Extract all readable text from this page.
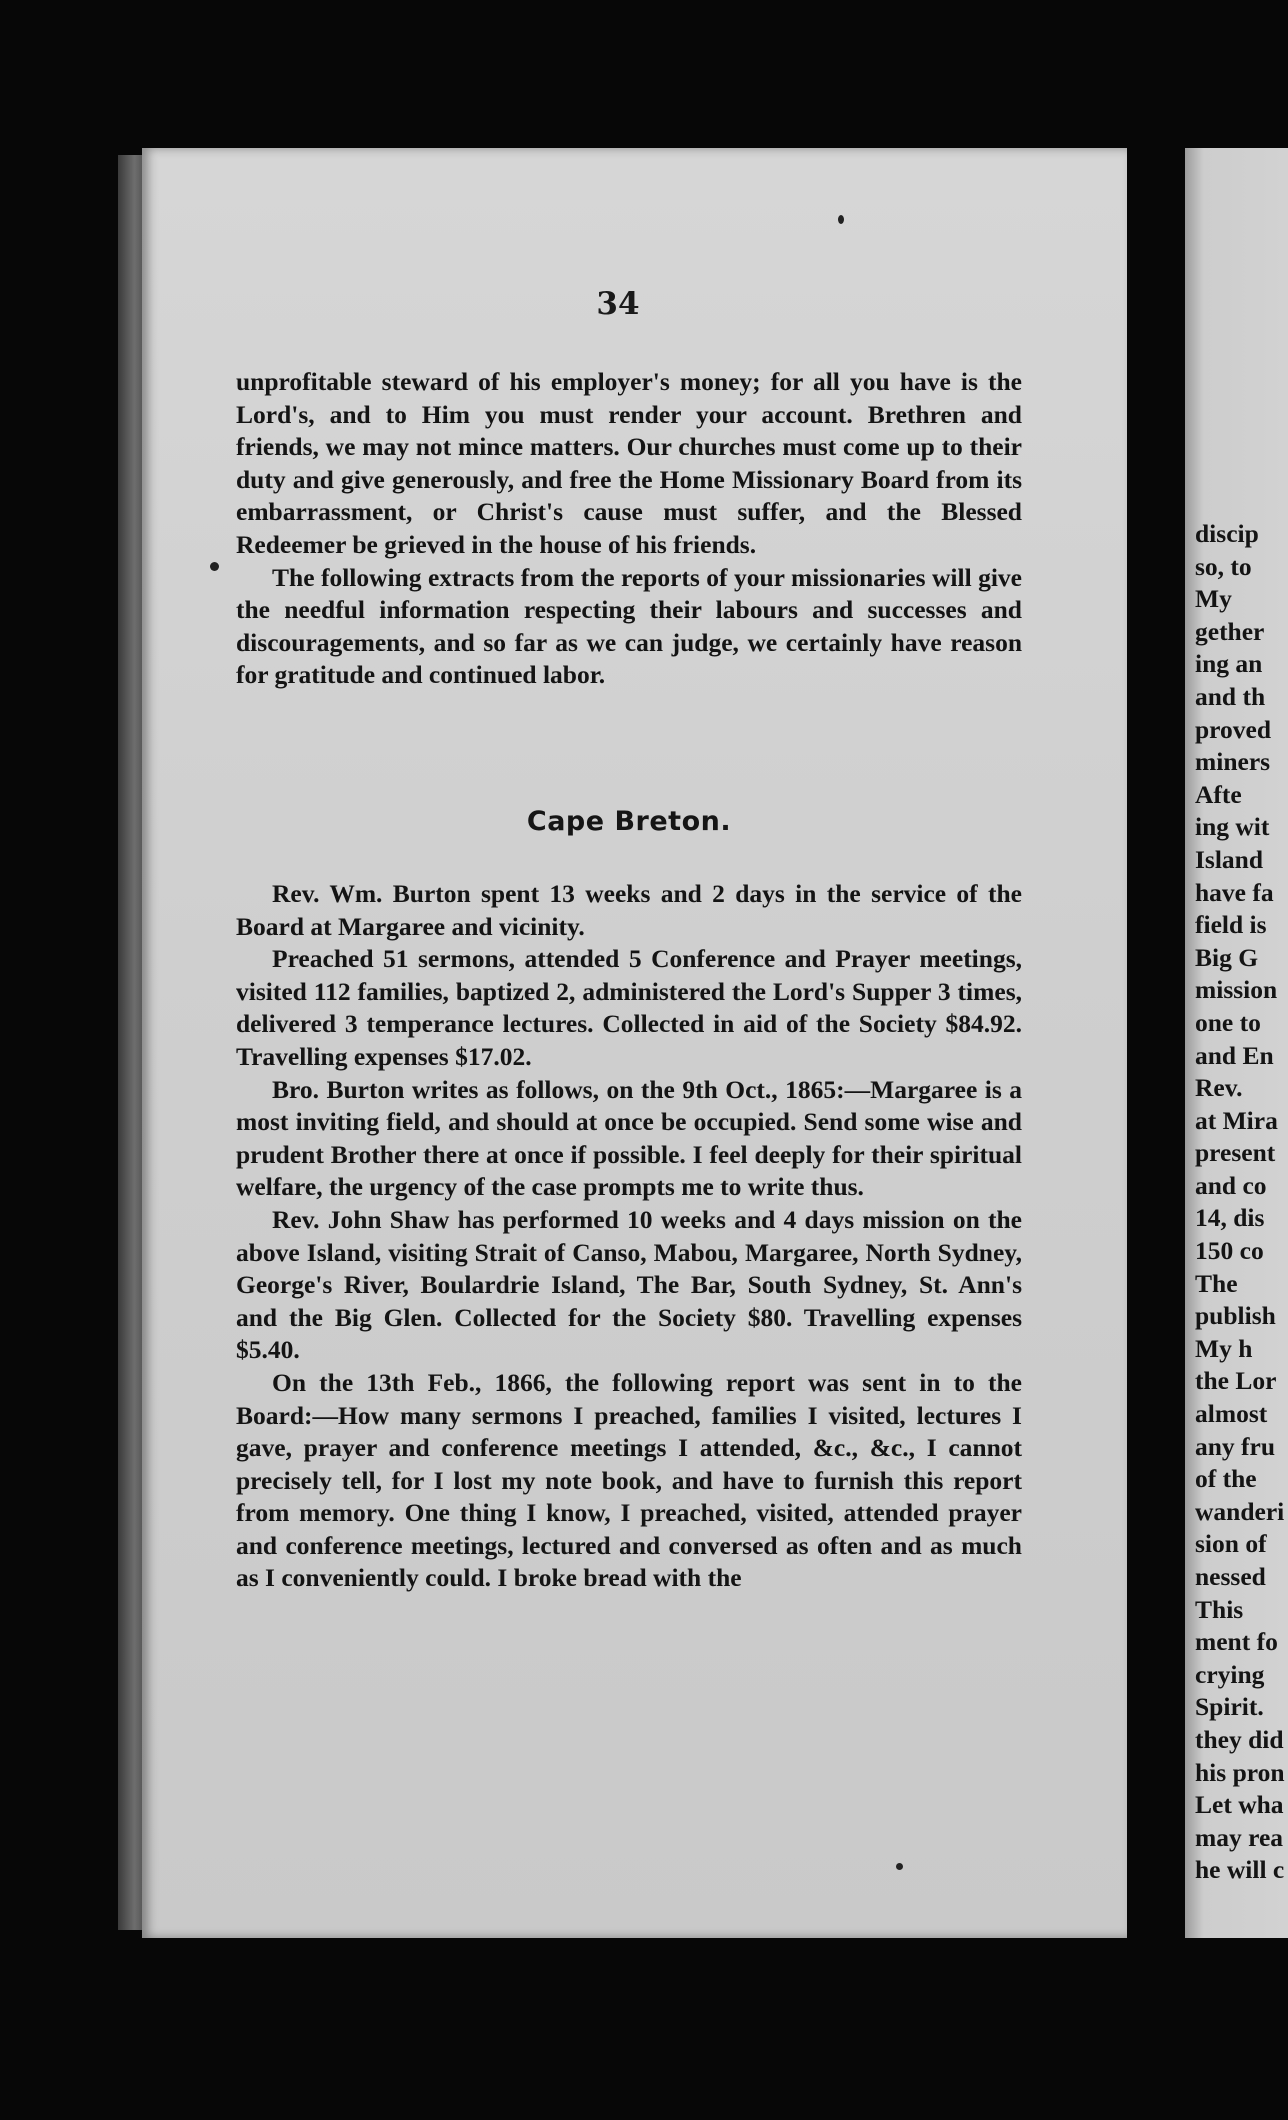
34

unprofitable steward of his employer's money; for all you have is the Lord's, and to Him you must render your account. Brethren and friends, we may not mince matters. Our churches must come up to their duty and give generously, and free the Home Missionary Board from its embarrassment, or Christ's cause must suffer, and the Blessed Redeemer be grieved in the house of his friends.

The following extracts from the reports of your missionaries will give the needful information respecting their labours and successes and discouragements, and so far as we can judge, we certainly have reason for gratitude and continued labor.

Cape Breton.

Rev. Wm. Burton spent 13 weeks and 2 days in the service of the Board at Margaree and vicinity.

Preached 51 sermons, attended 5 Conference and Prayer meetings, visited 112 families, baptized 2, administered the Lord's Supper 3 times, delivered 3 temperance lectures. Collected in aid of the Society $84.92. Travelling expenses $17.02.

Bro. Burton writes as follows, on the 9th Oct., 1865:—Margaree is a most inviting field, and should at once be occupied. Send some wise and prudent Brother there at once if possible. I feel deeply for their spiritual welfare, the urgency of the case prompts me to write thus.

Rev. John Shaw has performed 10 weeks and 4 days mission on the above Island, visiting Strait of Canso, Mabou, Margaree, North Sydney, George's River, Boulardrie Island, The Bar, South Sydney, St. Ann's and the Big Glen. Collected for the Society $80. Travelling expenses $5.40.

On the 13th Feb., 1866, the following report was sent in to the Board:—How many sermons I preached, families I visited, lectures I gave, prayer and conference meetings I attended, &c., &c., I cannot precisely tell, for I lost my note book, and have to furnish this report from memory. One thing I know, I preached, visited, attended prayer and conference meetings, lectured and conversed as often and as much as I conveniently could. I broke bread with the

discip
so, to
My
gether
ing an
and th
proved
miners
Afte
ing wit
Island
have fa
field is
Big G
mission
one to
and En
Rev.
at Mira
present
and co
14, dis
150 co
The
publish
My h
the Lor
almost
any fru
of the
wanderi
sion of
nessed
This
ment fo
crying
Spirit.
they did
his pron
Let wha
may rea
he will c
